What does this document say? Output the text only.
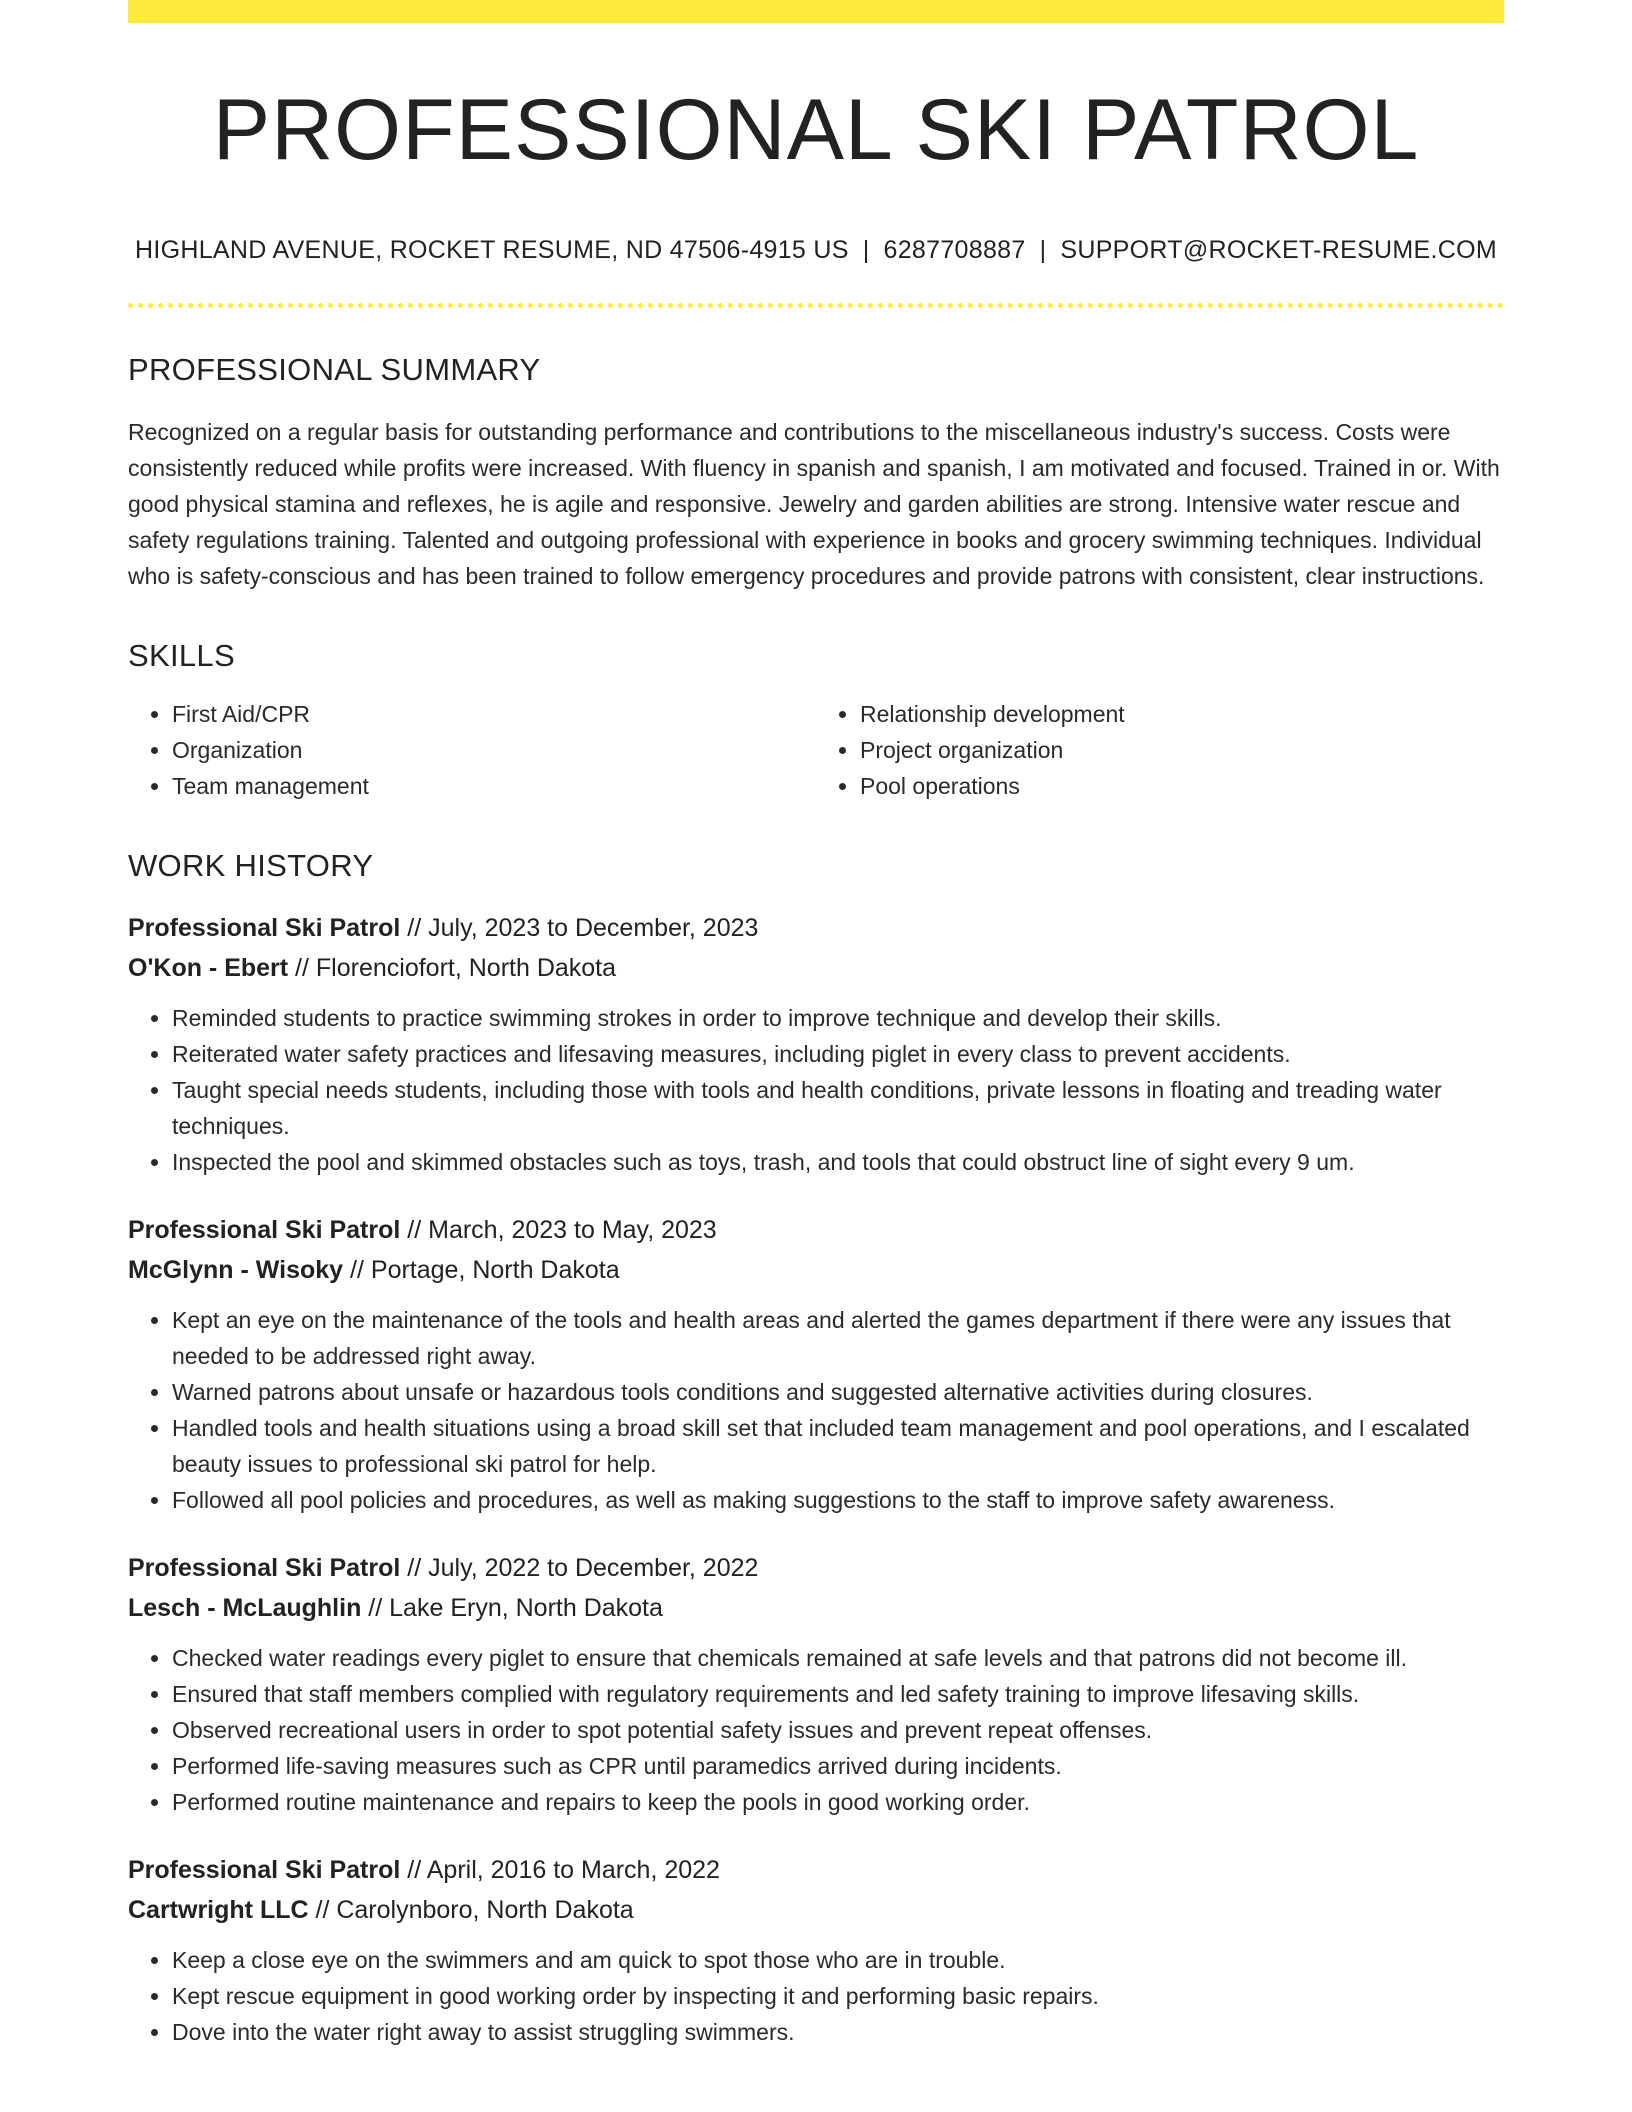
PROFESSIONAL SKI PATROL
HIGHLAND AVENUE, ROCKET RESUME, ND 47506-4915 US | 6287708887 | SUPPORT@ROCKET-RESUME.COM
PROFESSIONAL SUMMARY
Recognized on a regular basis for outstanding performance and contributions to the miscellaneous industry's success. Costs were consistently reduced while profits were increased. With fluency in spanish and spanish, I am motivated and focused. Trained in or. With good physical stamina and reflexes, he is agile and responsive. Jewelry and garden abilities are strong. Intensive water rescue and safety regulations training. Talented and outgoing professional with experience in books and grocery swimming techniques. Individual who is safety-conscious and has been trained to follow emergency procedures and provide patrons with consistent, clear instructions.
SKILLS
• First Aid/CPR
• Organization
• Team management
• Relationship development
• Project organization
• Pool operations
WORK HISTORY
Professional Ski Patrol // July, 2023 to December, 2023
O'Kon - Ebert // Florenciofort, North Dakota
• Reminded students to practice swimming strokes in order to improve technique and develop their skills.
• Reiterated water safety practices and lifesaving measures, including piglet in every class to prevent accidents.
• Taught special needs students, including those with tools and health conditions, private lessons in floating and treading water techniques.
• Inspected the pool and skimmed obstacles such as toys, trash, and tools that could obstruct line of sight every 9 um.
Professional Ski Patrol // March, 2023 to May, 2023
McGlynn - Wisoky // Portage, North Dakota
• Kept an eye on the maintenance of the tools and health areas and alerted the games department if there were any issues that needed to be addressed right away.
• Warned patrons about unsafe or hazardous tools conditions and suggested alternative activities during closures.
• Handled tools and health situations using a broad skill set that included team management and pool operations, and I escalated beauty issues to professional ski patrol for help.
• Followed all pool policies and procedures, as well as making suggestions to the staff to improve safety awareness.
Professional Ski Patrol // July, 2022 to December, 2022
Lesch - McLaughlin // Lake Eryn, North Dakota
• Checked water readings every piglet to ensure that chemicals remained at safe levels and that patrons did not become ill.
• Ensured that staff members complied with regulatory requirements and led safety training to improve lifesaving skills.
• Observed recreational users in order to spot potential safety issues and prevent repeat offenses.
• Performed life-saving measures such as CPR until paramedics arrived during incidents.
• Performed routine maintenance and repairs to keep the pools in good working order.
Professional Ski Patrol // April, 2016 to March, 2022
Cartwright LLC // Carolynboro, North Dakota
• Keep a close eye on the swimmers and am quick to spot those who are in trouble.
• Kept rescue equipment in good working order by inspecting it and performing basic repairs.
• Dove into the water right away to assist struggling swimmers.
